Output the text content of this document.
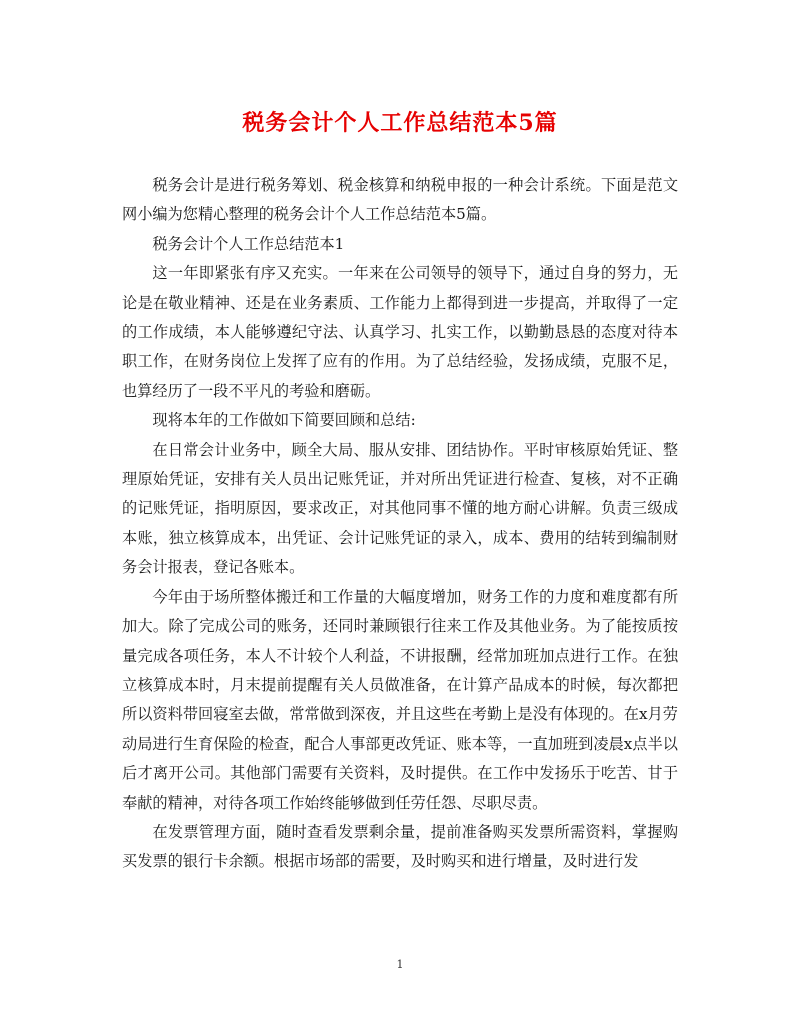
税务会计个人工作总结范本5篇

税务会计是进行税务筹划、税金核算和纳税申报的一种会计系统。下面是范文网小编为您精心整理的税务会计个人工作总结范本5篇。

税务会计个人工作总结范本1

这一年即紧张有序又充实。一年来在公司领导的领导下，通过自身的努力，无论是在敬业精神、还是在业务素质、工作能力上都得到进一步提高，并取得了一定的工作成绩，本人能够遵纪守法、认真学习、扎实工作，以勤勤恳恳的态度对待本职工作，在财务岗位上发挥了应有的作用。为了总结经验，发扬成绩，克服不足，也算经历了一段不平凡的考验和磨砺。

现将本年的工作做如下简要回顾和总结:

在日常会计业务中，顾全大局、服从安排、团结协作。平时审核原始凭证、整理原始凭证，安排有关人员出记账凭证，并对所出凭证进行检查、复核，对不正确的记账凭证，指明原因，要求改正，对其他同事不懂的地方耐心讲解。负责三级成本账，独立核算成本，出凭证、会计记账凭证的录入，成本、费用的结转到编制财务会计报表，登记各账本。

今年由于场所整体搬迁和工作量的大幅度增加，财务工作的力度和难度都有所加大。除了完成公司的账务，还同时兼顾银行往来工作及其他业务。为了能按质按量完成各项任务，本人不计较个人利益，不讲报酬，经常加班加点进行工作。在独立核算成本时，月末提前提醒有关人员做准备，在计算产品成本的时候，每次都把所以资料带回寝室去做，常常做到深夜，并且这些在考勤上是没有体现的。在x月劳动局进行生育保险的检查，配合人事部更改凭证、账本等，一直加班到凌晨x点半以后才离开公司。其他部门需要有关资料，及时提供。在工作中发扬乐于吃苦、甘于奉献的精神，对待各项工作始终能够做到任劳任怨、尽职尽责。

在发票管理方面，随时查看发票剩余量，提前准备购买发票所需资料，掌握购买发票的银行卡余额。根据市场部的需要，及时购买和进行增量，及时进行发

1
